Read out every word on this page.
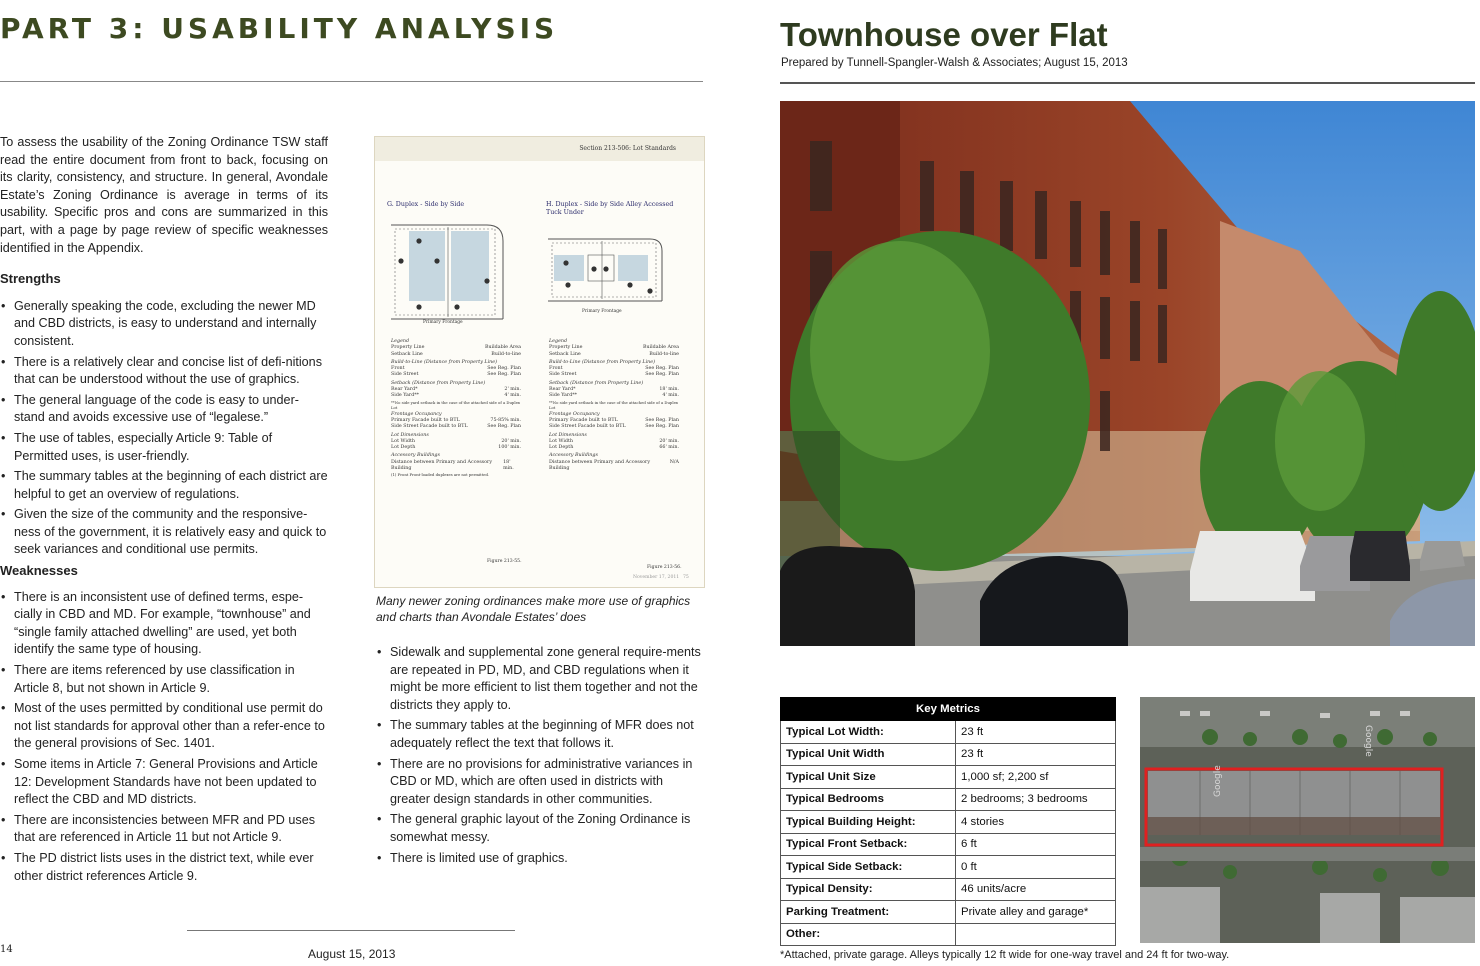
PART 3: USABILITY ANALYSIS

To assess the usability of the Zoning Ordinance TSW staff read the entire document from front to back, focusing on its clarity, consistency, and structure. In general, Avondale Estate’s Zoning Ordinance is average in terms of its usability. Specific pros and cons are summarized in this part, with a page by page review of specific weaknesses identified in the Appendix.

Strengths
• Generally speaking the code, excluding the newer MD and CBD districts, is easy to understand and internally consistent.
• There is a relatively clear and concise list of defi-nitions that can be understood without the use of graphics.
• The general language of the code is easy to under-stand and avoids excessive use of “legalese.”
• The use of tables, especially Article 9: Table of Permitted uses, is user-friendly.
• The summary tables at the beginning of each district are helpful to get an overview of regulations.
• Given the size of the community and the responsive-ness of the government, it is relatively easy and quick to seek variances and conditional use permits.
Weaknesses
• There is an inconsistent use of defined terms, espe-cially in CBD and MD. For example, “townhouse” and “single family attached dwelling” are used, yet both identify the same type of housing.
• There are items referenced by use classification in Article 8, but not shown in Article 9.
• Most of the uses permitted by conditional use permit do not list standards for approval other than a refer-ence to the general provisions of Sec. 1401.
• Some items in Article 7: General Provisions and Article 12: Development Standards have not been updated to reflect the CBD and MD districts.
• There are inconsistencies between MFR and PD uses that are referenced in Article 11 but not Article 9.
• The PD district lists uses in the district text, while ever other district references Article 9.
Section 213-506: Lot Standards
G. Duplex - Side by Side	H. Duplex - Side by Side Alley Accessed Tuck Under
Primary Frontage
Primary Frontage
Legend
Property Line	Buildable Area
Setback Line	Build-to-line
Build-to-Line (Distance from Property Line)
Front	See Reg. Plan
Side Street	See Reg. Plan
Setback (Distance from Property Line)
Rear Yard*	2' min.
Side Yard**	4' min.
**No side yard setback in the case of the attached side of a Duplex Lot
Frontage Occupancy
Primary Facade built to BTL	75-85% min.
Side Street Facade built to BTL	See Reg. Plan
Lot Dimensions
Lot Width	20' min.
Lot Depth	100' min.
Accessory Buildings
Distance between Primary and Accessory Building
18' min.
(1) Front Front-loaded duplexes are not permitted.
Figure 213-55.
Legend
Property Line	Buildable Area
Setback Line	Build-to-line
Build-to-Line (Distance from Property Line)
Front	See Reg. Plan
Side Street	See Reg. Plan
Setback (Distance from Property Line)
Rear Yard*	18' min.
Side Yard**	4' min.
**No side yard setback in the case of the attached side of a Duplex Lot
Frontage Occupancy
Primary Facade built to BTL	See Reg. Plan
Side Street Facade built to BTL	See Reg. Plan
Lot Dimensions
Lot Width	20' min.
Lot Depth	66' min.
Accessory Buildings
Distance between Primary and Accessory Building
N/A
Figure 213-56.
November 17, 2011 75
Many newer zoning ordinances make more use of graphics and charts than Avondale Estates’ does
• Sidewalk and supplemental zone general require-ments are repeated in PD, MD, and CBD regulations when it might be more efficient to list them together and not the districts they apply to.
• The summary tables at the beginning of MFR does not adequately reflect the text that follows it.
• There are no provisions for administrative variances in CBD or MD, which are often used in districts with greater design standards in other communities.
• The general graphic layout of the Zoning Ordinance is somewhat messy.
• There is limited use of graphics.
14	August 15, 2013
Townhouse over Flat
Prepared by Tunnell-Spangler-Walsh & Associates; August 15, 2013
Key Metrics	
Typical Lot Width:	23 ft
Typical Unit Width	23 ft
Typical Unit Size	1,000 sf; 2,200 sf
Typical Bedrooms	2 bedrooms; 3 bedrooms
Typical Building Height:	4 stories
Typical Front Setback:	6 ft
Typical Side Setback:	0 ft
Typical Density:	46 units/acre
Parking Treatment:	Private alley and garage*
Other:	
Google
Google
*Attached, private garage. Alleys typically 12 ft wide for one-way travel and 24 ft for two-way.
